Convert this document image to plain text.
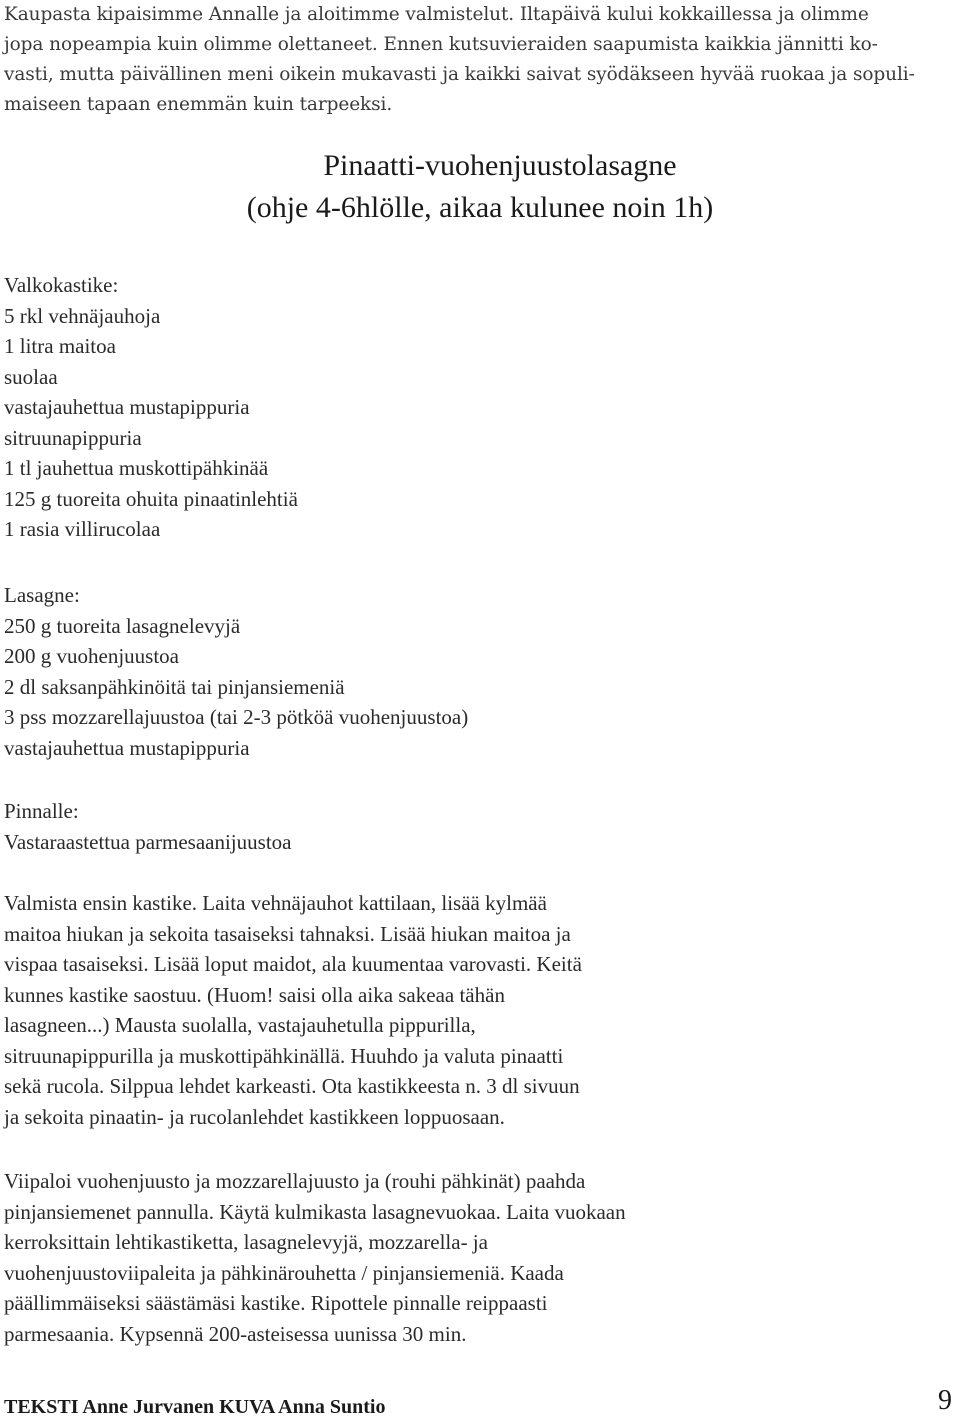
Kaupasta kipaisimme Annalle ja aloitimme valmistelut. Iltapäivä kului kokkaillessa ja olimme
jopa nopeampia kuin olimme olettaneet. Ennen kutsuvieraiden saapumista kaikkia jännitti ko-
vasti, mutta päivällinen meni oikein mukavasti ja kaikki saivat syödäkseen hyvää ruokaa ja sopuli-
maiseen tapaan enemmän kuin tarpeeksi.
Pinaatti-vuohenjuustolasagne
(ohje 4-6hlölle, aikaa kulunee noin 1h)
Valkokastike:
5 rkl vehnäjauhoja
1 litra maitoa
suolaa
vastajauhettua mustapippuria
sitruunapippuria
1 tl jauhettua muskottipähkinää
125 g tuoreita ohuita pinaatinlehtiä
1 rasia villirucolaa
Lasagne:
250 g tuoreita lasagnelevyjä
200 g vuohenjuustoa
2 dl saksanpähkinöitä tai pinjansiemeniä
3 pss mozzarellajuustoa (tai 2-3 pötköä vuohenjuustoa)
vastajauhettua mustapippuria
Pinnalle:
Vastaraastettua parmesaanijuustoa
Valmista ensin kastike. Laita vehnäjauhot kattilaan, lisää kylmää
maitoa hiukan ja sekoita tasaiseksi tahnaksi. Lisää hiukan maitoa ja
vispaa tasaiseksi. Lisää loput maidot, ala kuumentaa varovasti. Keitä
kunnes kastike saostuu. (Huom! saisi olla aika sakeaa tähän
lasagneen...) Mausta suolalla, vastajauhetulla pippurilla,
sitruunapippurilla ja muskottipähkinällä. Huuhdo ja valuta pinaatti
sekä rucola. Silppua lehdet karkeasti. Ota kastikkeesta n. 3 dl sivuun
ja sekoita pinaatin- ja rucolanlehdet kastikkeen loppuosaan.
Viipaloi vuohenjuusto ja mozzarellajuusto ja (rouhi pähkinät) paahda
pinjansiemenet pannulla. Käytä kulmikasta lasagnevuokaa. Laita vuokaan
kerroksittain lehtikastiketta, lasagnelevyjä, mozzarella- ja
vuohenjuustoviipaleita ja pähkinärouhetta / pinjansiemeniä. Kaada
päällimmäiseksi säästämäsi kastike. Ripottele pinnalle reippaasti
parmesaania. Kypsennä 200-asteisessa uunissa 30 min.
TEKSTI Anne Jurvanen KUVA Anna Suntio	9
